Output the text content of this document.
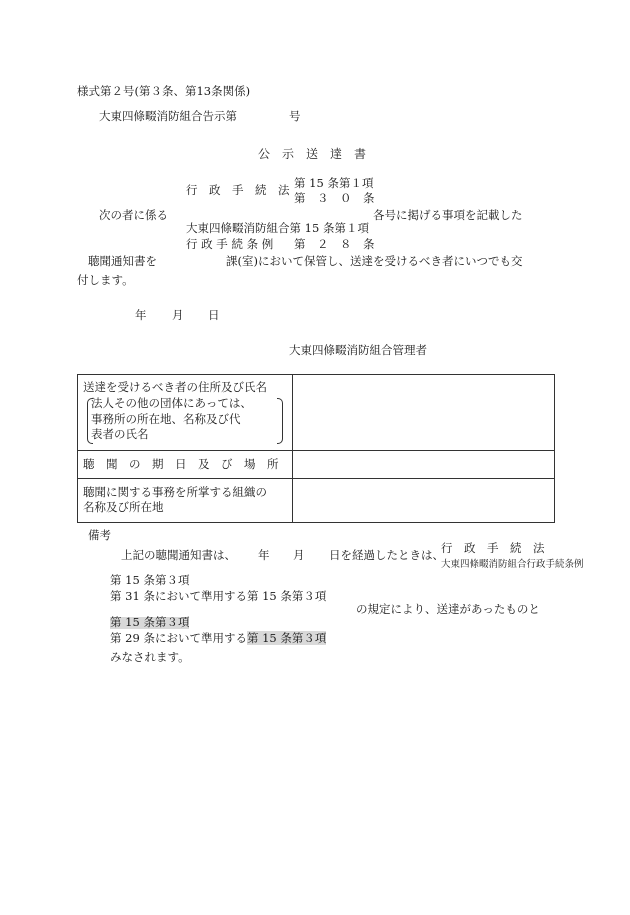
様式第２号(第３条、第13条関係)
大東四條畷消防組合告示第	号
公　示　送　達　書
行　政　手　続　法 第 15 条第１項
第　３　０　条
次の者に係る	各号に掲げる事項を記載した
大東四條畷消防組合第 15 条第１項
行 政 手 続 条 例 第　２　８　条
聴聞通知書を	課(室)において保管し、送達を受けるべき者にいつでも交
付します。
年 月 日
大東四條畷消防組合管理者
送達を受けるべき者の住所及び氏名
法人その他の団体にあっては、
事務所の所在地、名称及び代
表者の氏名
聴　聞　の　期　日　及　び　場　所
聴聞に関する事務を所掌する組織の
名称及び所在地
備考
上記の聴聞通知書は、 年 月 日を経過したときは、
行　政　手　続　法
大東四條畷消防組合行政手続条例
第 15 条第３項
第 31 条において準用する第 15 条第３項
の規定により、送達があったものと
第 15 条第３項
第 29 条において準用する第 15 条第３項
みなされます。
